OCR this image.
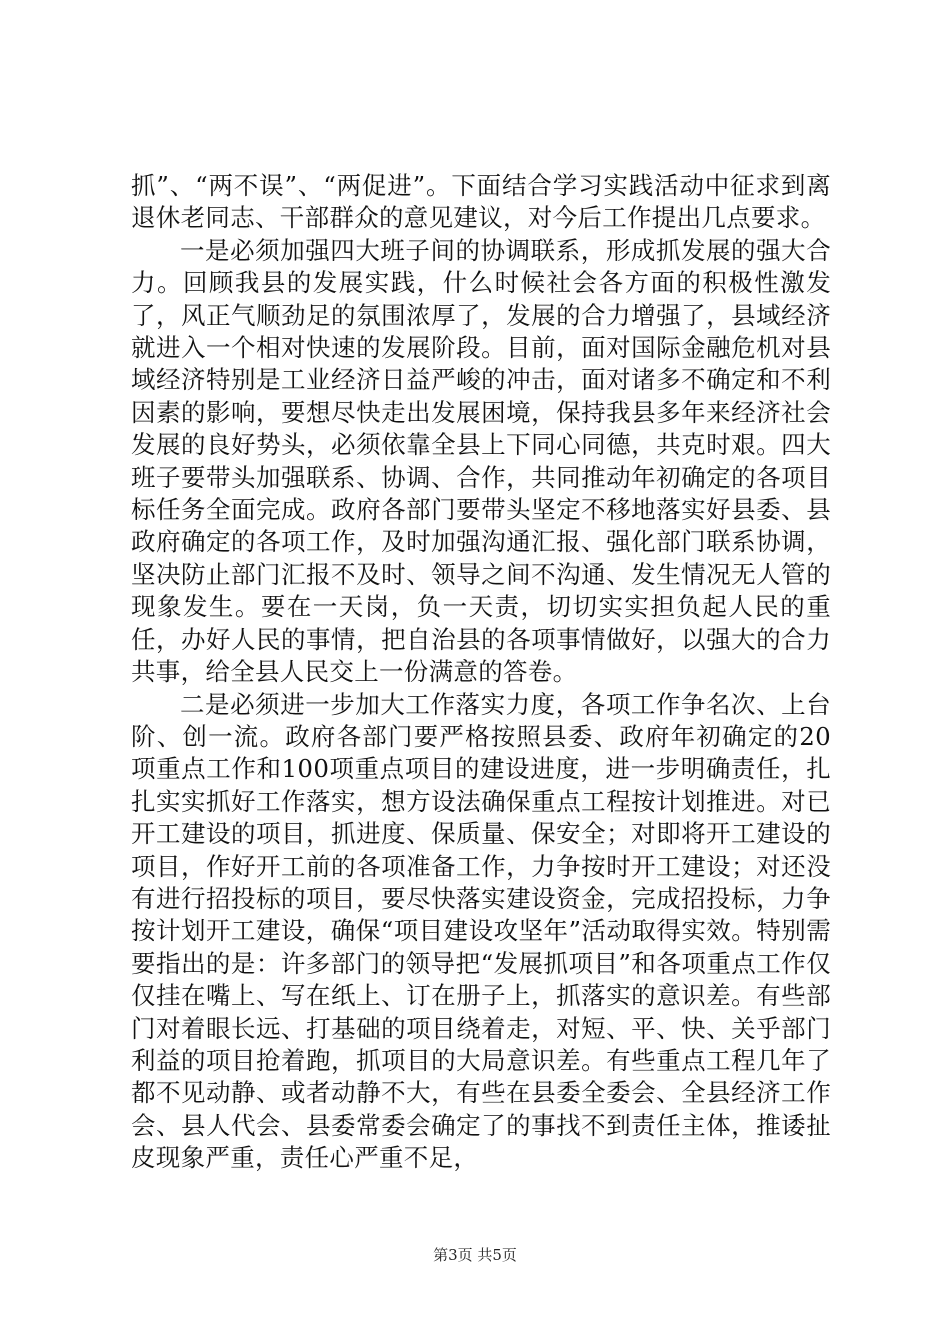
抓”、“两不误”、“两促进”。下面结合学习实践活动中征求到离退休老同志、干部群众的意见建议，对今后工作提出几点要求。

一是必须加强四大班子间的协调联系，形成抓发展的强大合力。回顾我县的发展实践，什么时候社会各方面的积极性激发了，风正气顺劲足的氛围浓厚了，发展的合力增强了，县域经济就进入一个相对快速的发展阶段。目前，面对国际金融危机对县域经济特别是工业经济日益严峻的冲击，面对诸多不确定和不利因素的影响，要想尽快走出发展困境，保持我县多年来经济社会发展的良好势头，必须依靠全县上下同心同德，共克时艰。四大班子要带头加强联系、协调、合作，共同推动年初确定的各项目标任务全面完成。政府各部门要带头坚定不移地落实好县委、县政府确定的各项工作，及时加强沟通汇报、强化部门联系协调，坚决防止部门汇报不及时、领导之间不沟通、发生情况无人管的现象发生。要在一天岗，负一天责，切切实实担负起人民的重任，办好人民的事情，把自治县的各项事情做好，以强大的合力共事，给全县人民交上一份满意的答卷。

二是必须进一步加大工作落实力度，各项工作争名次、上台阶、创一流。政府各部门要严格按照县委、政府年初确定的20项重点工作和100项重点项目的建设进度，进一步明确责任，扎扎实实抓好工作落实，想方设法确保重点工程按计划推进。对已开工建设的项目，抓进度、保质量、保安全；对即将开工建设的项目，作好开工前的各项准备工作，力争按时开工建设；对还没有进行招投标的项目，要尽快落实建设资金，完成招投标，力争按计划开工建设，确保“项目建设攻坚年”活动取得实效。特别需要指出的是：许多部门的领导把“发展抓项目”和各项重点工作仅仅挂在嘴上、写在纸上、订在册子上，抓落实的意识差。有些部门对着眼长远、打基础的项目绕着走，对短、平、快、关乎部门利益的项目抢着跑，抓项目的大局意识差。有些重点工程几年了都不见动静、或者动静不大，有些在县委全委会、全县经济工作会、县人代会、县委常委会确定了的事找不到责任主体，推诿扯皮现象严重，责任心严重不足，

第3页 共5页
